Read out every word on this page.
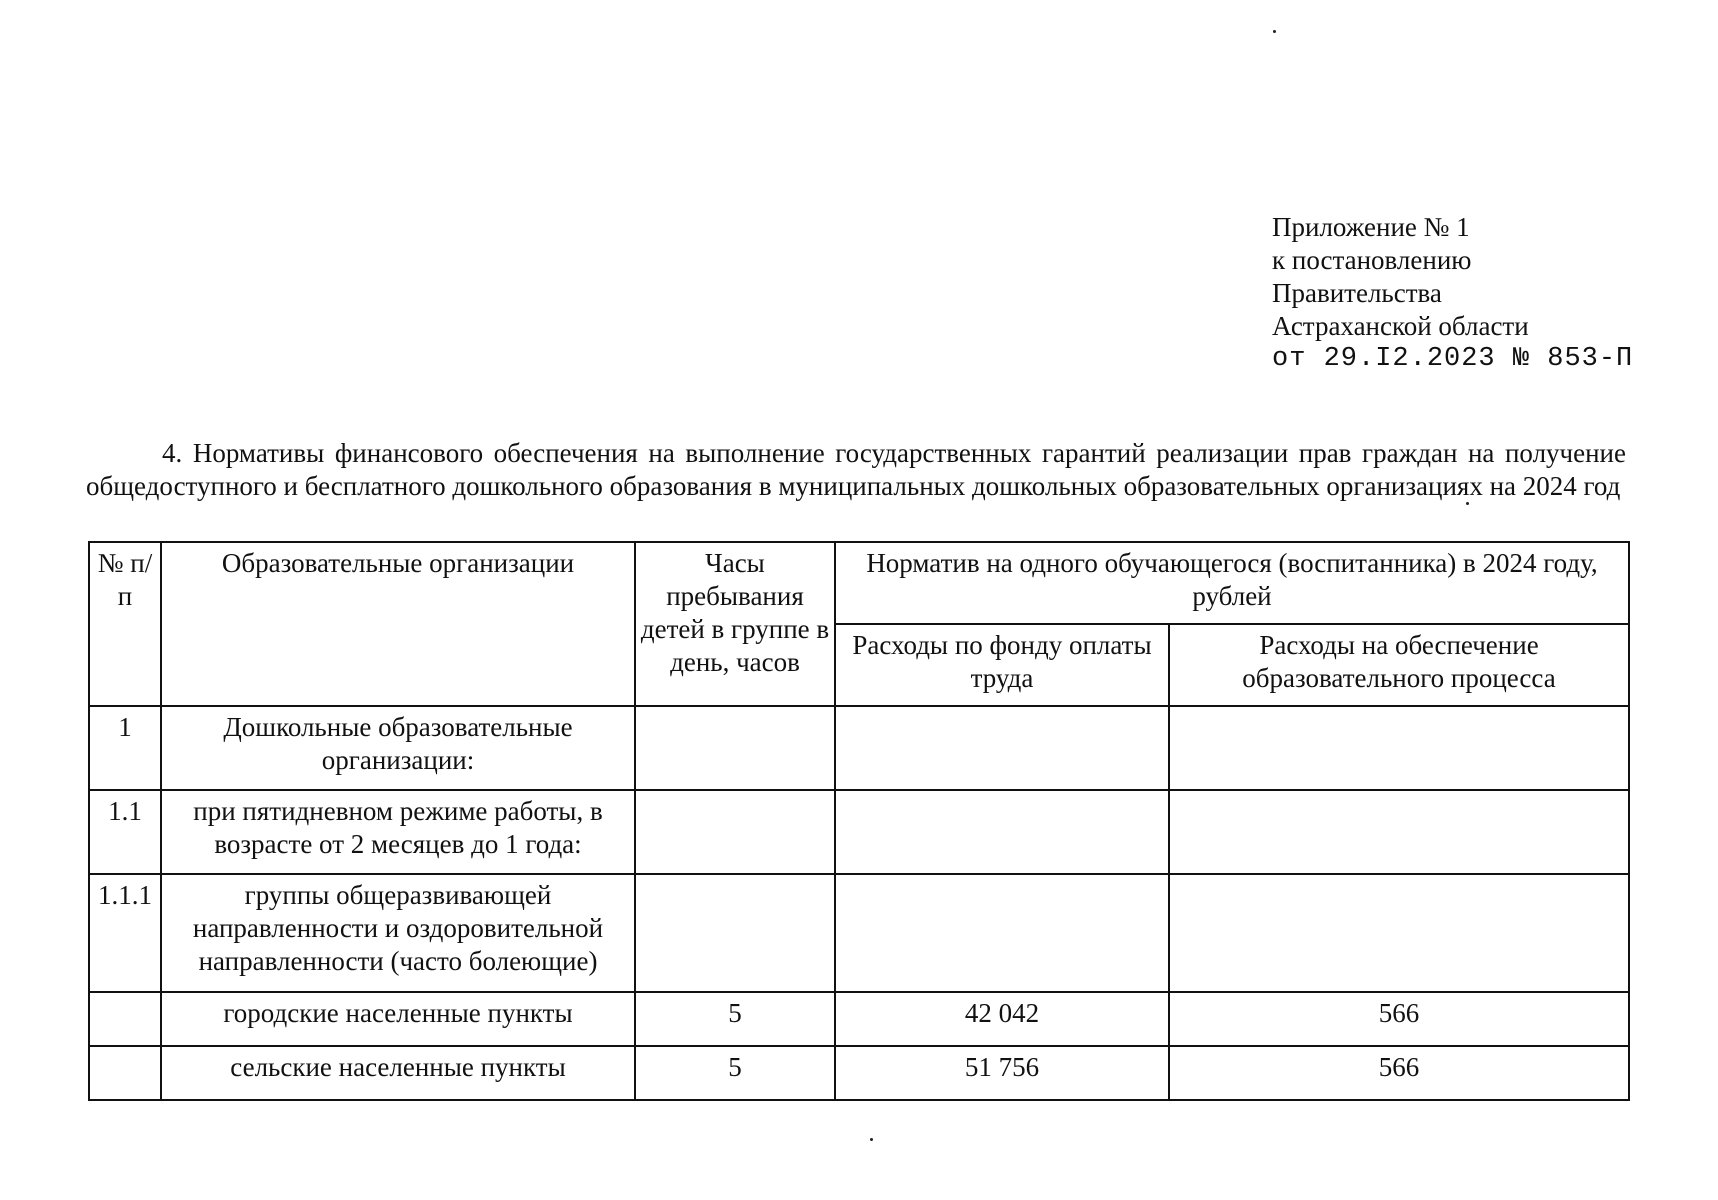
Приложение № 1
к постановлению
Правительства
Астраханской области
от 29.I2.2023 № 853-П

4. Нормативы финансового обеспечения на выполнение государственных гарантий реализации прав граждан на получение общедоступного и бесплатного дошкольного образования в муниципальных дошкольных образовательных организациях на 2024 год

№ п/п	Образовательные организации	Часы пребывания детей в группе в день, часов	Норматив на одного обучающегося (воспитанника) в 2024 году, рублей	
			Расходы по фонду оплаты труда	Расходы на обеспечение образовательного процесса
1	Дошкольные образовательные организации:			
1.1	при пятидневном режиме работы, в возрасте от 2 месяцев до 1 года:			
1.1.1	группы общеразвивающей направленности и оздоровительной направленности (часто болеющие)			
	городские населенные пункты	5	42 042	566
	сельские населенные пункты	5	51 756	566
